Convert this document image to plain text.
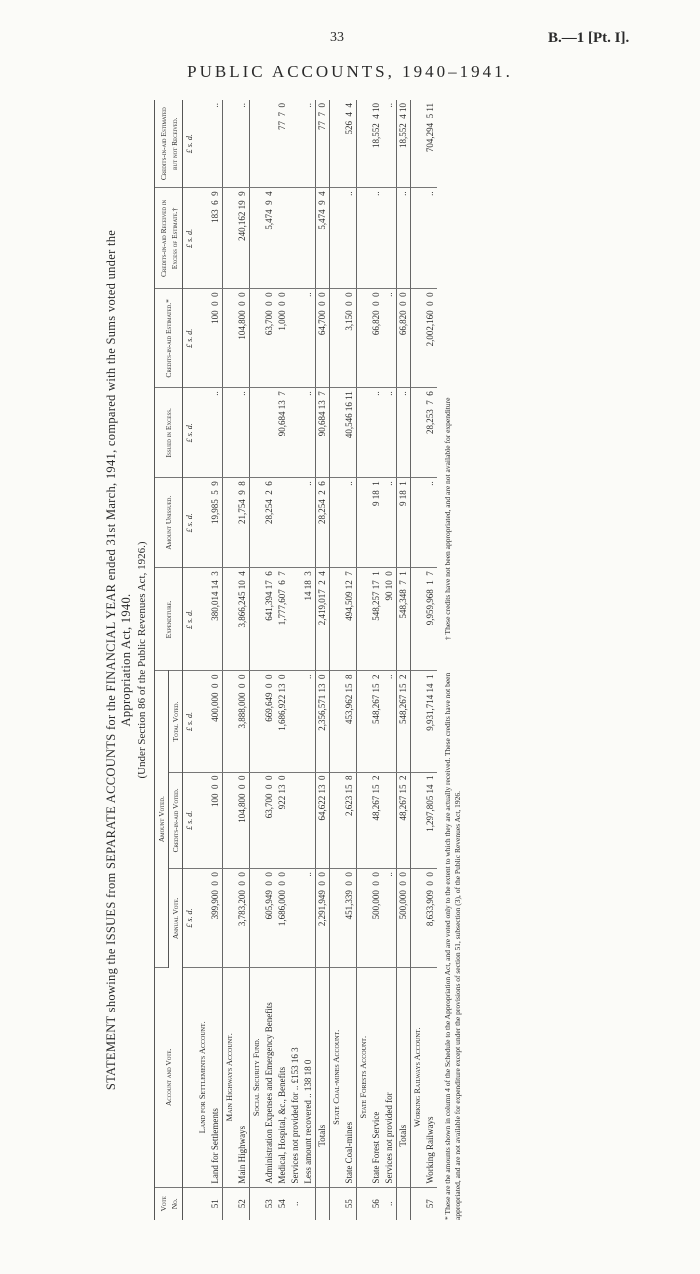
33	B.—1 [Pt. I].
PUBLIC ACCOUNTS, 1940–1941.
STATEMENT showing the ISSUES from SEPARATE ACCOUNTS for the FINANCIAL YEAR ended 31st March, 1941, compared with the Sums voted under the Appropriation Act, 1940. (Under Section 86 of the Public Revenues Act, 1926.)
Vote No.	Account and Vote.	Amount Voted.			Expenditure.	Amount Unissued.	Issued in Excess.	Credits-in-aid Estimated.*	Credits-in-aid Received in Excess of Estimate.†	Credits-in-aid Estimated but not Received.
		Annual Vote.	Credits-in-aid Voted.	Total Voted.						
		£ s. d.	£ s. d.	£ s. d.	£ s. d.	£ s. d.	£ s. d.	£ s. d.	£ s. d.	£ s. d.
	Land for Settlements Account.									
51	Land for Settlements	399,900  0  0	100  0  0	400,000  0  0	380,014 14  3	19,985  5  9	..	100  0  0	183  6  9	..
	Main Highways Account.									
52	Main Highways	3,783,200  0  0	104,800  0  0	3,888,000  0  0	3,866,245 10  4	21,754  9  8	..	104,800  0  0	240,162 19  9	..
	Social Security Fund.									
53	Administration Expenses and Emergency Benefits	605,949  0  0	63,700  0  0	669,649  0  0	641,394 17  6	28,254  2  6		63,700  0  0	5,474  9  4	
54	Medical, Hospital, &c., Benefits	1,686,000  0  0	922 13  0	1,686,922 13  0	1,777,607  6  7		90,684 13  7	1,000  0  0		77  7  0
..	Services not provided for .. £153 16 3									
	Less amount recovered .. 138 18 0	..		..	14 18  3	..	..	..		..
	Totals	2,291,949  0  0	64,622 13  0	2,356,571 13  0	2,419,017  2  4	28,254  2  6	90,684 13  7	64,700  0  0	5,474  9  4	77  7  0
	State Coal-mines Account.									
55	State Coal-mines	451,339  0  0	2,623 15  8	453,962 15  8	494,509 12  7	..	40,546 16 11	3,150  0  0	..	526  4  4
	State Forests Account.									
56	State Forest Service	500,000  0  0	48,267 15  2	548,267 15  2	548,257 17  1	9 18  1	..	66,820  0  0	..	18,552  4 10
..	Services not provided for	..		..	90 10  0	..	..	..		..
	Totals	500,000  0  0	48,267 15  2	548,267 15  2	548,348  7  1	9 18  1	..	66,820  0  0	..	18,552  4 10
	Working Railways Account.									
57	Working Railways	8,633,909  0  0	1,297,805 14  1	9,931,714 14  1	9,959,968  1  7	..	28,253  7  6	2,002,160  0  0	..	704,294  5 11
* These are the amounts shown in column 4 of the Schedule to the Appropriation Act, and are voted only to the extent to which they are actually received. These credits have not been appropriated, and are not available for expenditure except under the provisions of section 51, subsection (3), of the Public Revenues Act, 1926.
† These credits have not been appropriated, and are not available for expenditure
